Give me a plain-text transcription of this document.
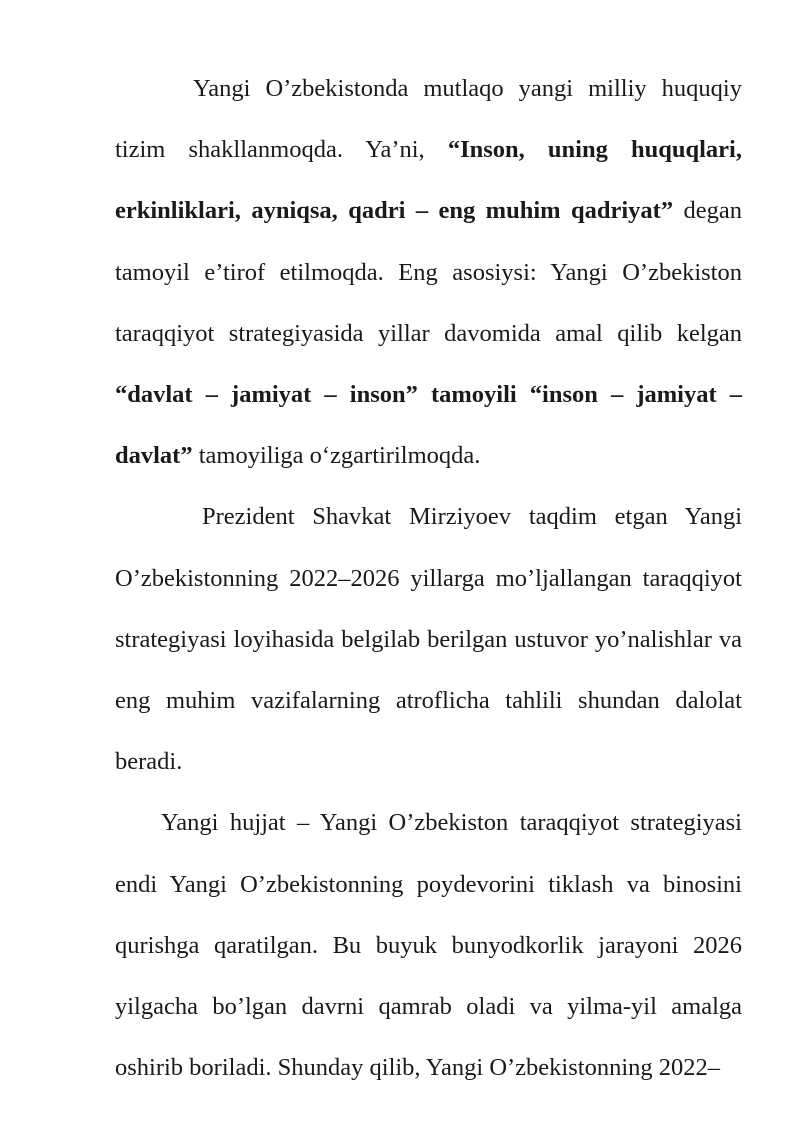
Yangi O’zbekistonda mutlaqo yangi milliy huquqiy tizim shakllanmoqda. Ya’ni, “Inson, uning huquqlari, erkinliklari, ayniqsa, qadri – eng muhim qadriyat” degan tamoyil e’tirof etilmoqda. Eng asosiysi: Yangi O’zbekiston taraqqiyot strategiyasida yillar davomida amal qilib kelgan “davlat – jamiyat – inson” tamoyili “inson – jamiyat – davlat” tamoyiliga o‘zgartirilmoqda.

Prezident Shavkat Mirziyoev taqdim etgan Yangi O’zbekistonning 2022–2026 yillarga mo’ljallangan taraqqiyot strategiyasi loyihasida belgilab berilgan ustuvor yo’nalishlar va eng muhim vazifalarning atroflicha tahlili shundan dalolat beradi.

Yangi hujjat – Yangi O’zbekiston taraqqiyot strategiyasi endi Yangi O’zbekistonning poydevorini tiklash va binosini qurishga qaratilgan. Bu buyuk bunyodkorlik jarayoni 2026 yilgacha bo’lgan davrni qamrab oladi va yilma-yil amalga oshirib boriladi. Shunday qilib, Yangi O’zbekistonning 2022–
